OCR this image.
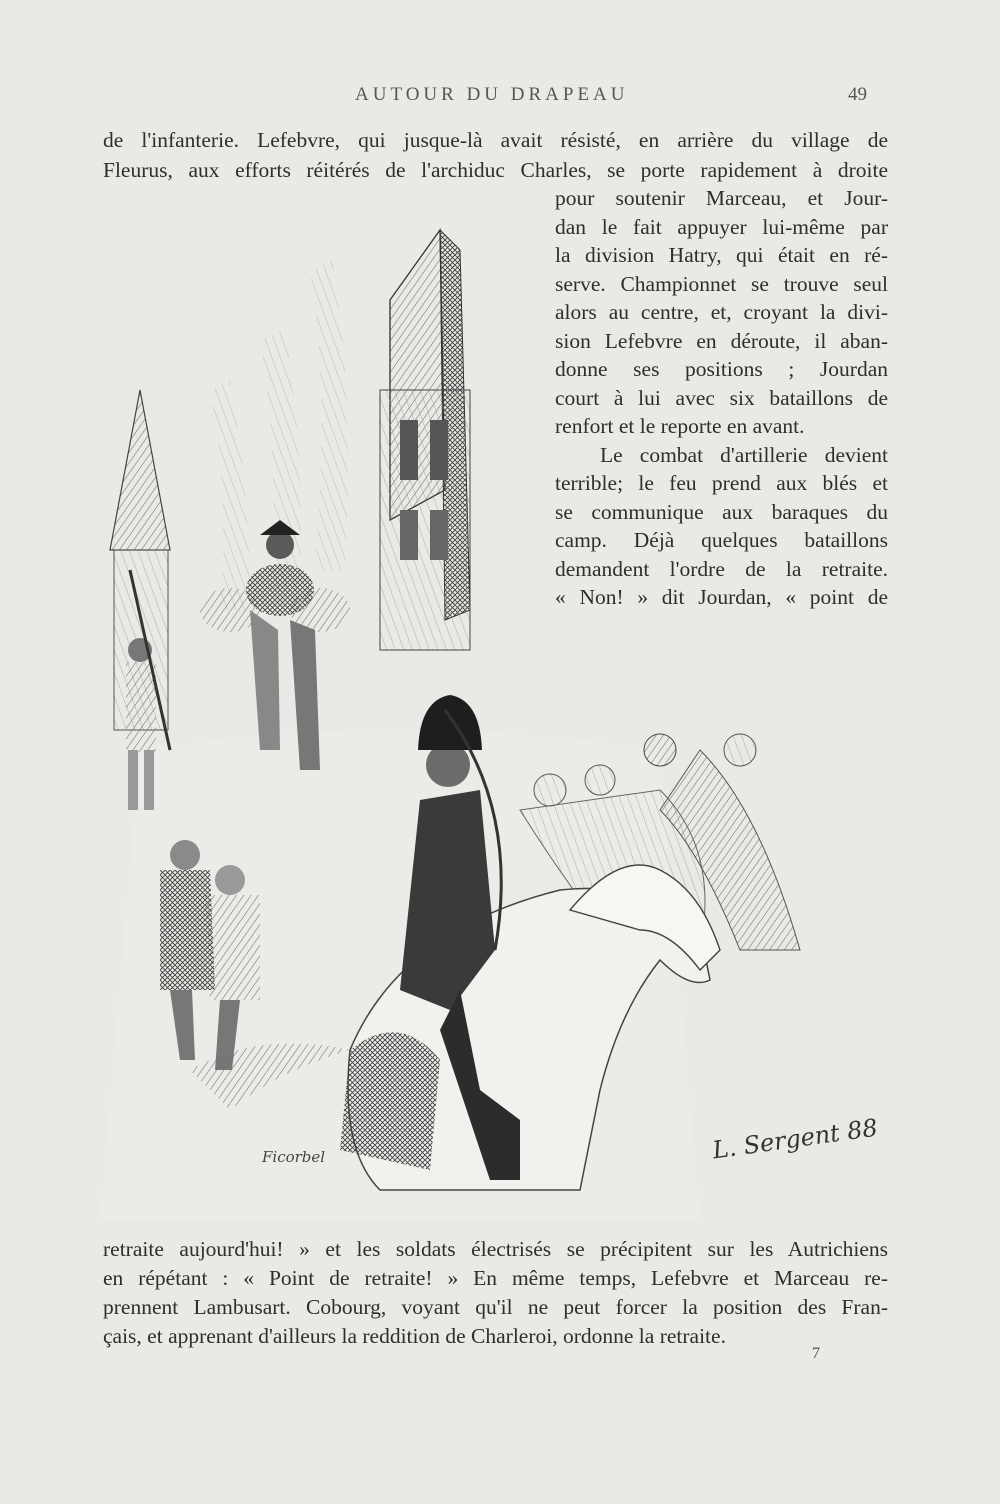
AUTOUR DU DRAPEAU	49
de l'infanterie. Lefebvre, qui jusque-là avait résisté, en arrière du village de
Fleurus, aux efforts réitérés de l'archiduc Charles, se porte rapidement à droite
pour soutenir Marceau, et Jour-
dan le fait appuyer lui-même par
la division Hatry, qui était en ré-
serve. Championnet se trouve seul
alors au centre, et, croyant la divi-
sion Lefebvre en déroute, il aban-
donne ses positions ; Jourdan
court à lui avec six bataillons de
renfort et le reporte en avant.
Le combat d'artillerie devient
terrible; le feu prend aux blés et
se communique aux baraques du
camp. Déjà quelques bataillons
demandent l'ordre de la retraite.
« Non! » dit Jourdan, « point de
L. Sergent 88
Ficorbel
retraite aujourd'hui! » et les soldats électrisés se précipitent sur les Autrichiens
en répétant : « Point de retraite! » En même temps, Lefebvre et Marceau re-
prennent Lambusart. Cobourg, voyant qu'il ne peut forcer la position des Fran-
çais, et apprenant d'ailleurs la reddition de Charleroi, ordonne la retraite.
7
